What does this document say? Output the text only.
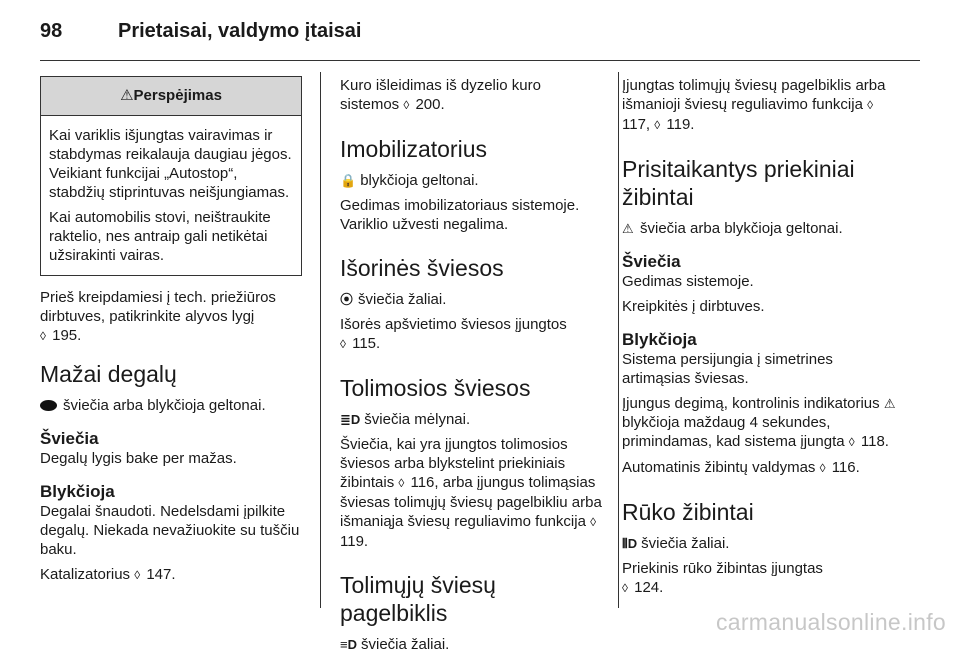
98	Prietaisai, valdymo įtaisai
⚠Perspėjimas

Kai variklis išjungtas vairavimas ir stabdymas reikalauja daugiau jėgos. Veikiant funkcijai „Autostop“, stabdžių stiprintuvas neišjungiamas.

Kai automobilis stovi, neištraukite raktelio, nes antraip gali netikėtai užsirakinti vairas.

Prieš kreipdamiesi į tech. priežiūros dirbtuves, patikrinkite alyvos lygį
◊ 195.

Mažai degalų

šviečia arba blykčioja geltonai.

Šviečia

Degalų lygis bake per mažas.

Blykčioja

Degalai šnaudoti. Nedelsdami įpilkite degalų. Niekada nevažiuokite su tuščiu baku.

Katalizatorius ◊ 147.

Kuro išleidimas iš dyzelio kuro sistemos ◊ 200.

Imobilizatorius

🔒 blykčioja geltonai.

Gedimas imobilizatoriaus sistemoje. Variklio užvesti negalima.

Išorinės šviesos

⦿ šviečia žaliai.

Išorės apšvietimo šviesos įjungtos
◊ 115.

Tolimosios šviesos

≣D šviečia mėlynai.

Šviečia, kai yra įjungtos tolimosios šviesos arba blykstelint priekiniais žibintais ◊ 116, arba įjungus tolimąsias šviesas tolimųjų šviesų pagelbikliu arba išmaniąja šviesų reguliavimo funkcija ◊ 119.

Tolimųjų šviesų pagelbiklis

≡D šviečia žaliai.

Įjungtas tolimųjų šviesų pagelbiklis arba išmanioji šviesų reguliavimo funkcija ◊ 117, ◊ 119.

Prisitaikantys priekiniai žibintai

⚠ šviečia arba blykčioja geltonai.

Šviečia

Gedimas sistemoje.

Kreipkitės į dirbtuves.

Blykčioja

Sistema persijungia į simetrines artimąsias šviesas.

Įjungus degimą, kontrolinis indikatorius ⚠ blykčioja maždaug 4 sekundes, primindamas, kad sistema įjungta ◊ 118.

Automatinis žibintų valdymas ◊ 116.

Rūko žibintai

⦀D šviečia žaliai.

Priekinis rūko žibintas įjungtas
◊ 124.

carmanualsonline.info
